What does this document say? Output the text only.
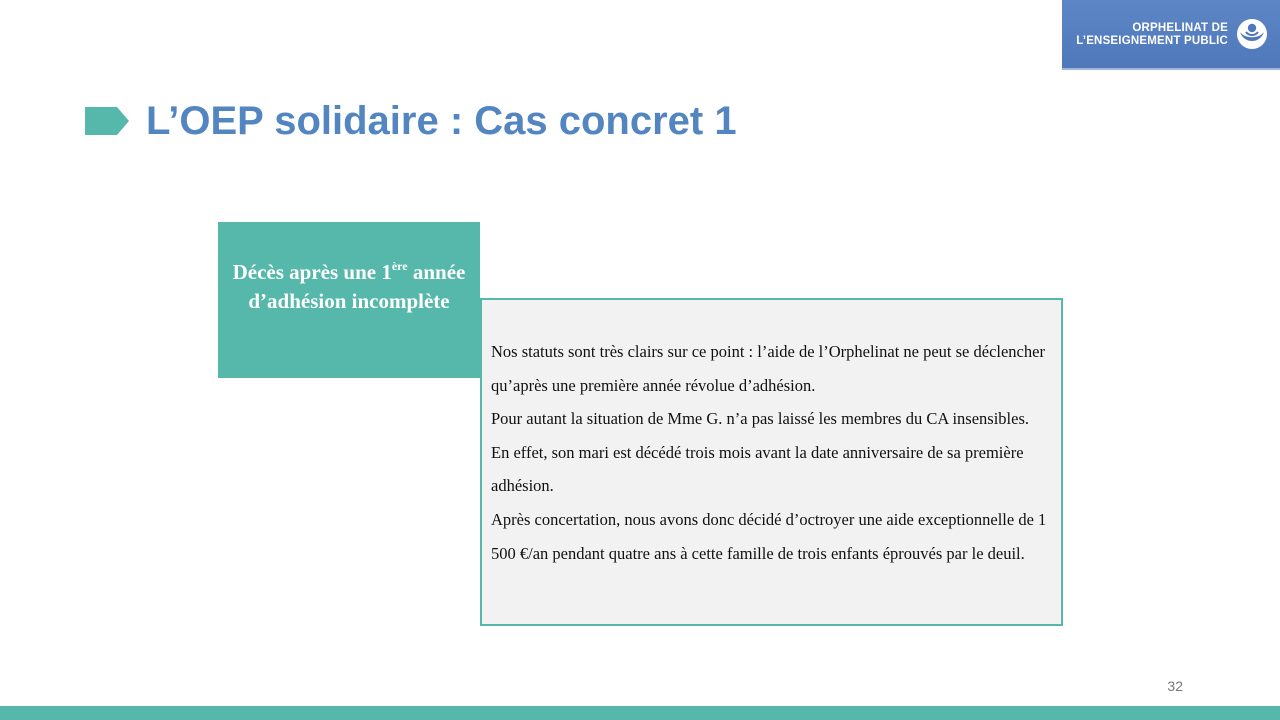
ORPHELINAT DE
L’ENSEIGNEMENT PUBLIC
L’OEP solidaire : Cas concret 1
Décès après une 1ère année d’adhésion incomplète

Nos statuts sont très clairs sur ce point : l’aide de l’Orphelinat ne peut se déclencher qu’après une première année révolue d’adhésion.

Pour autant la situation de Mme G. n’a pas laissé les membres du CA insensibles. En effet, son mari est décédé trois mois avant la date anniversaire de sa première adhésion.

Après concertation, nous avons donc décidé d’octroyer une aide exceptionnelle de 1 500 €/an pendant quatre ans à cette famille de trois enfants éprouvés par le deuil.

32
